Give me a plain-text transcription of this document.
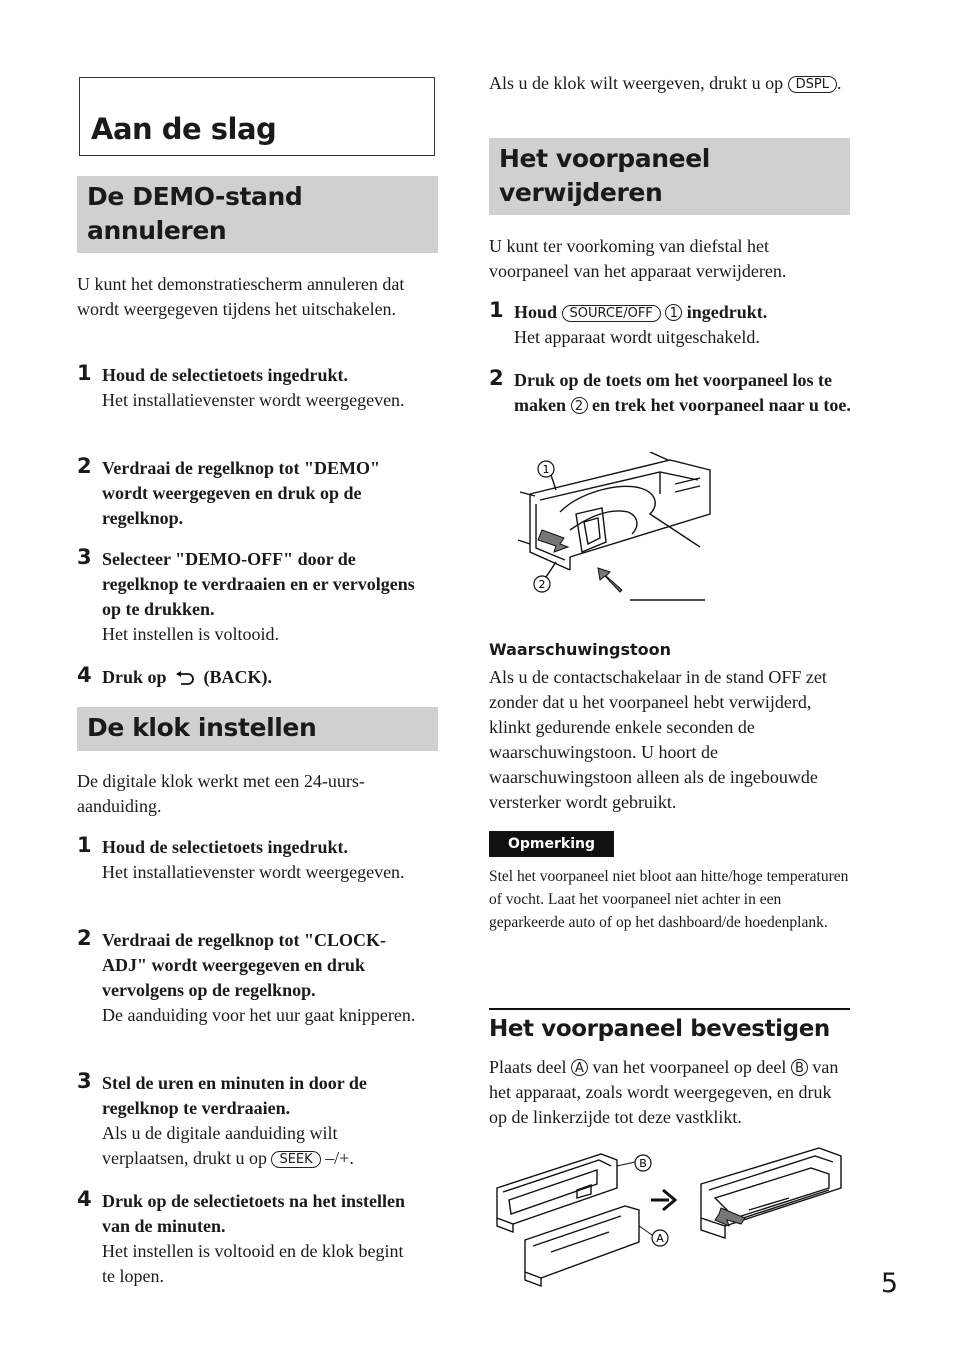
Aan de slag
De DEMO-stand annuleren

U kunt het demonstratiescherm annuleren dat wordt weergegeven tijdens het uitschakelen.

1 Houd de selectietoets ingedrukt.
Het installatievenster wordt weergegeven.
2 Verdraai de regelknop tot "DEMO" wordt weergegeven en druk op de regelknop.
3 Selecteer "DEMO-OFF" door de regelknop te verdraaien en er vervolgens op te drukken.
Het instellen is voltooid.
4 Druk op (BACK).
De klok instellen

De digitale klok werkt met een 24-uurs-aanduiding.

1 Houd de selectietoets ingedrukt.
Het installatievenster wordt weergegeven.
2 Verdraai de regelknop tot "CLOCK-ADJ" wordt weergegeven en druk vervolgens op de regelknop.
De aanduiding voor het uur gaat knipperen.
3 Stel de uren en minuten in door de regelknop te verdraaien.
Als u de digitale aanduiding wilt verplaatsen, drukt u op SEEK –/+.
4 Druk op de selectietoets na het instellen van de minuten.
Het instellen is voltooid en de klok begint te lopen.

Als u de klok wilt weergeven, drukt u op DSPL .

Het voorpaneel verwijderen

U kunt ter voorkoming van diefstal het voorpaneel van het apparaat verwijderen.

1 Houd SOURCE/OFF 1 ingedrukt.
Het apparaat wordt uitgeschakeld.
2 Druk op de toets om het voorpaneel los te maken 2 en trek het voorpaneel naar u toe.
1
2
Waarschuwingstoon

Als u de contactschakelaar in de stand OFF zet zonder dat u het voorpaneel hebt verwijderd, klinkt gedurende enkele seconden de waarschuwingstoon. U hoort de waarschuwingstoon alleen als de ingebouwde versterker wordt gebruikt.

Opmerking

Stel het voorpaneel niet bloot aan hitte/hoge temperaturen of vocht. Laat het voorpaneel niet achter in een geparkeerde auto of op het dashboard/de hoedenplank.

Het voorpaneel bevestigen

Plaats deel A van het voorpaneel op deel B van het apparaat, zoals wordt weergegeven, en druk op de linkerzijde tot deze vastklikt.

B
A
5
